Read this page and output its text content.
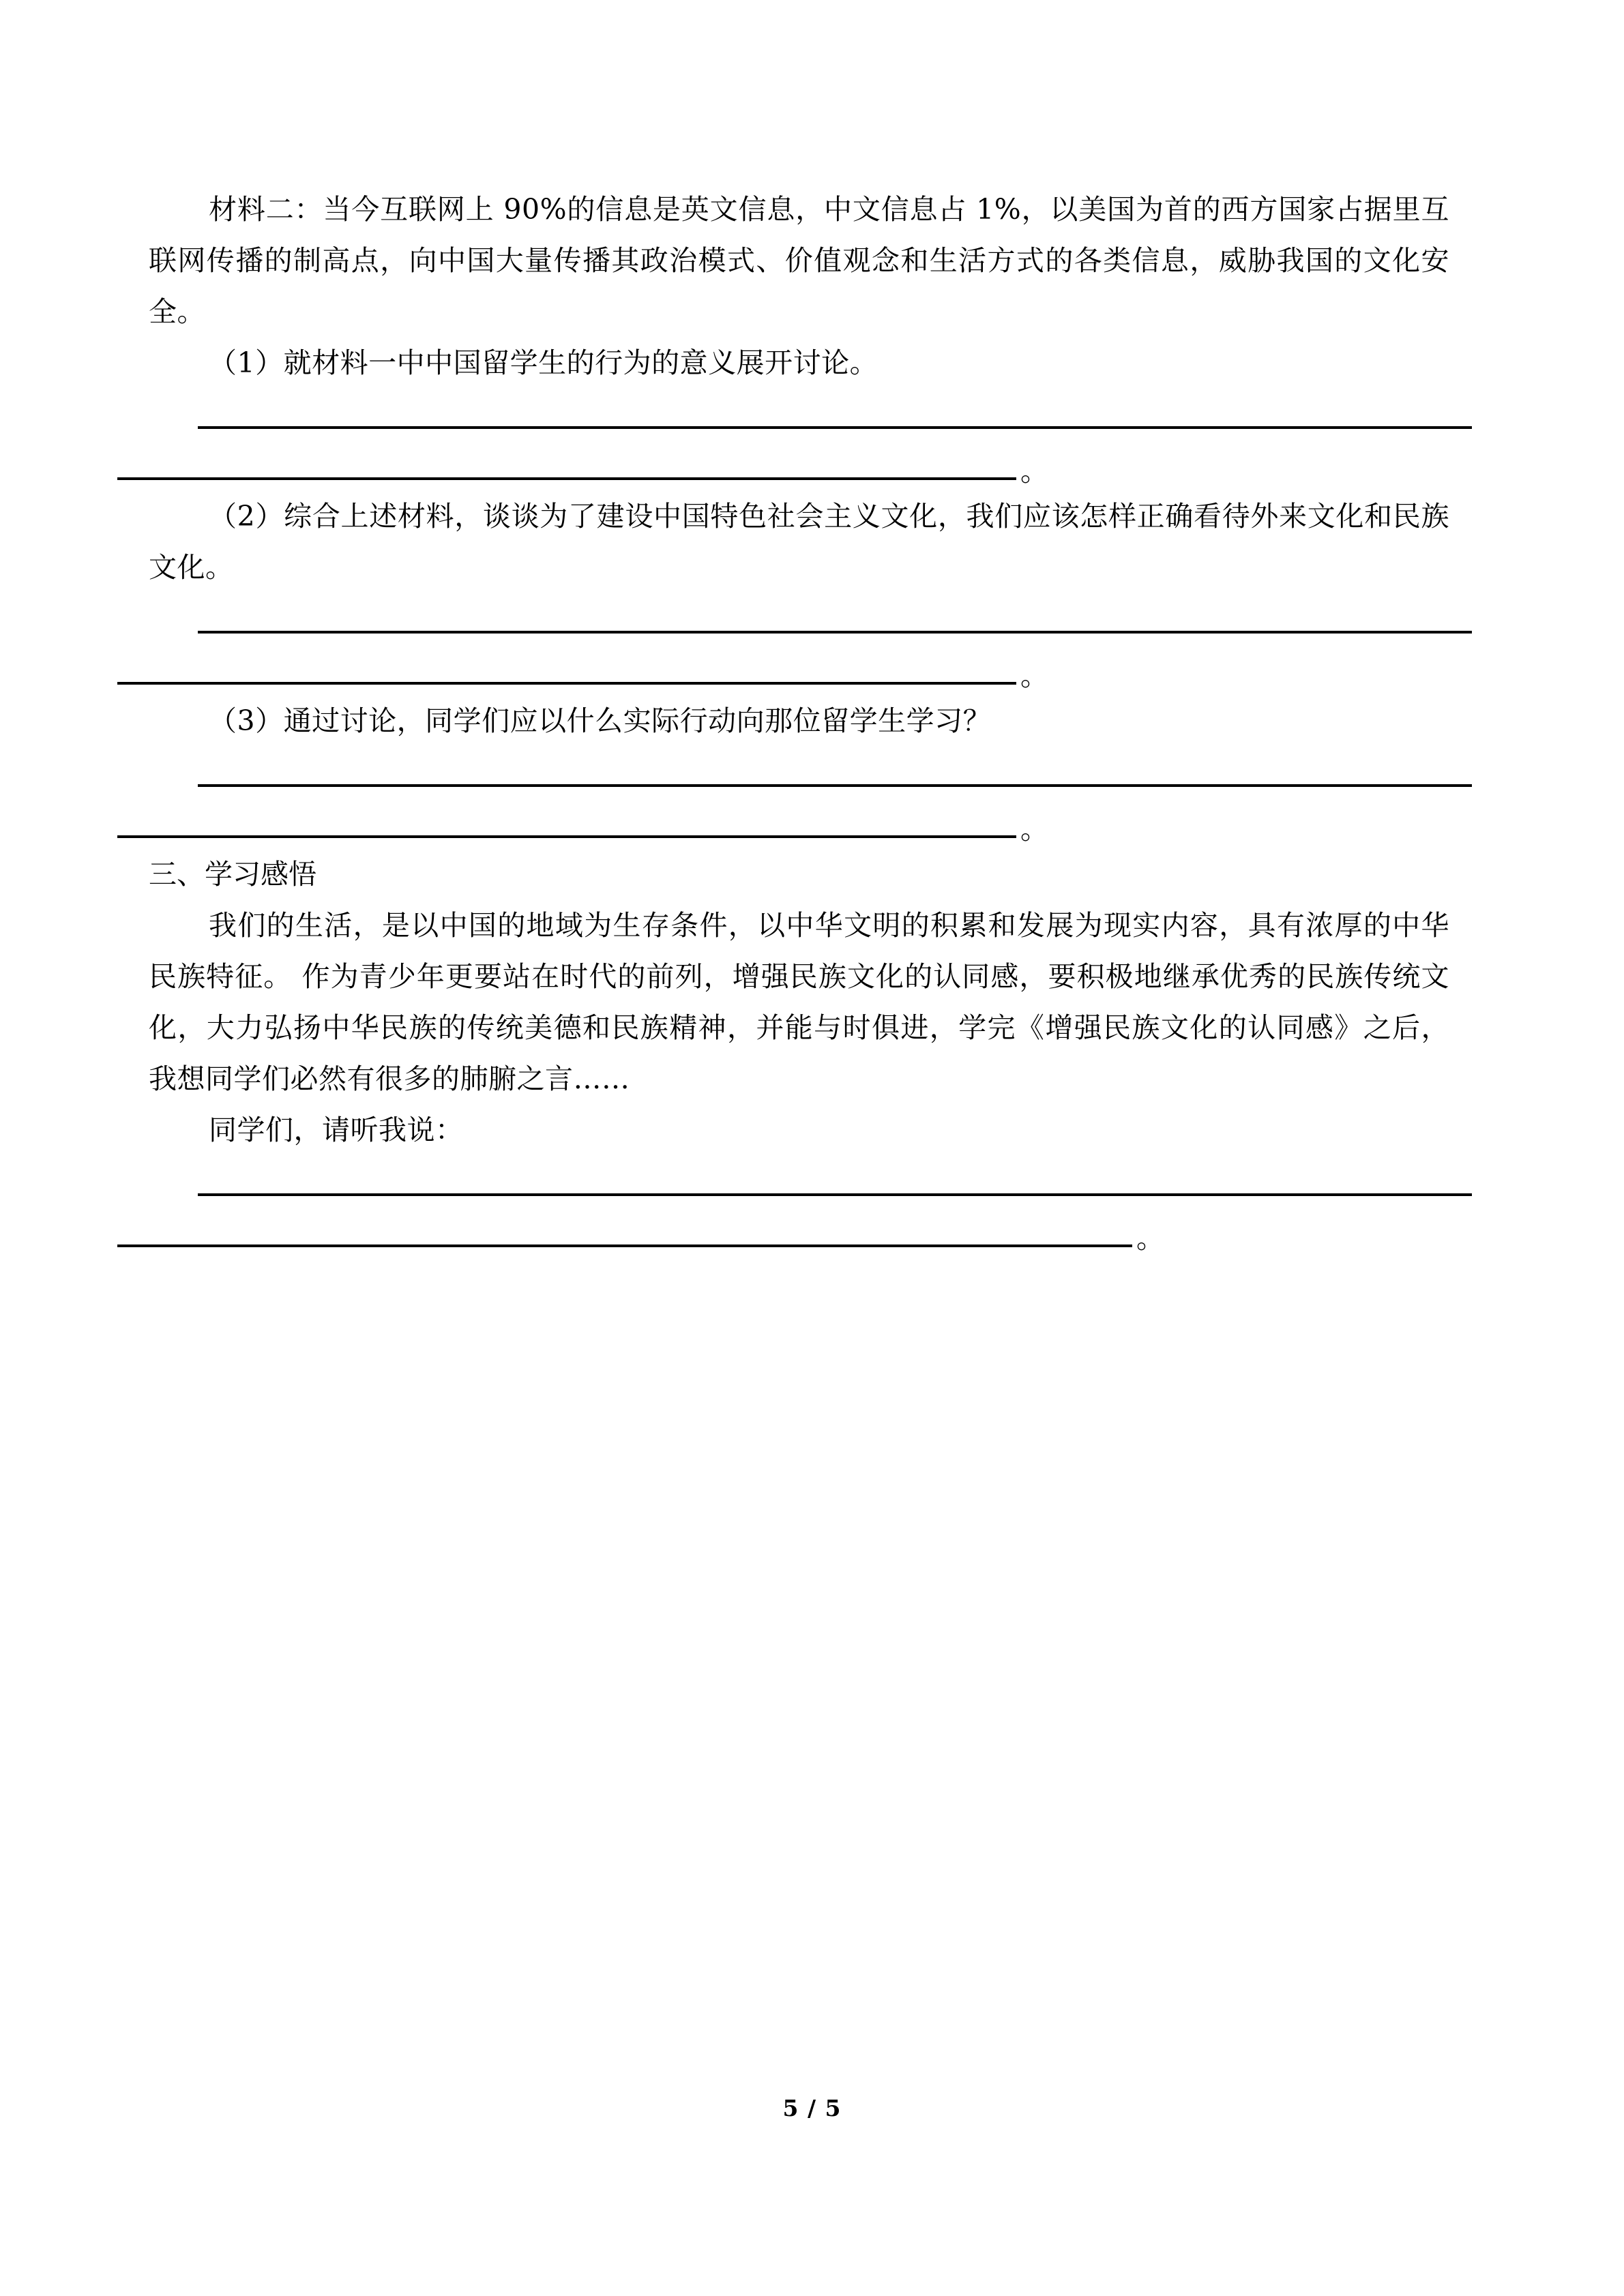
材料二：当今互联网上 90%的信息是英文信息，中文信息占 1%，以美国为首的西方国家占据里互联网传播的制高点，向中国大量传播其政治模式、价值观念和生活方式的各类信息，威胁我国的文化安全。

（1）就材料一中中国留学生的行为的意义展开讨论。

。

（2）综合上述材料，谈谈为了建设中国特色社会主义文化，我们应该怎样正确看待外来文化和民族文化。

。

（3）通过讨论，同学们应以什么实际行动向那位留学生学习？

。

三、学习感悟

我们的生活，是以中国的地域为生存条件，以中华文明的积累和发展为现实内容，具有浓厚的中华民族特征。 作为青少年更要站在时代的前列，增强民族文化的认同感，要积极地继承优秀的民族传统文化，大力弘扬中华民族的传统美德和民族精神，并能与时俱进，学完《增强民族文化的认同感》之后，我想同学们必然有很多的肺腑之言……

同学们，请听我说：

。
5 / 5
